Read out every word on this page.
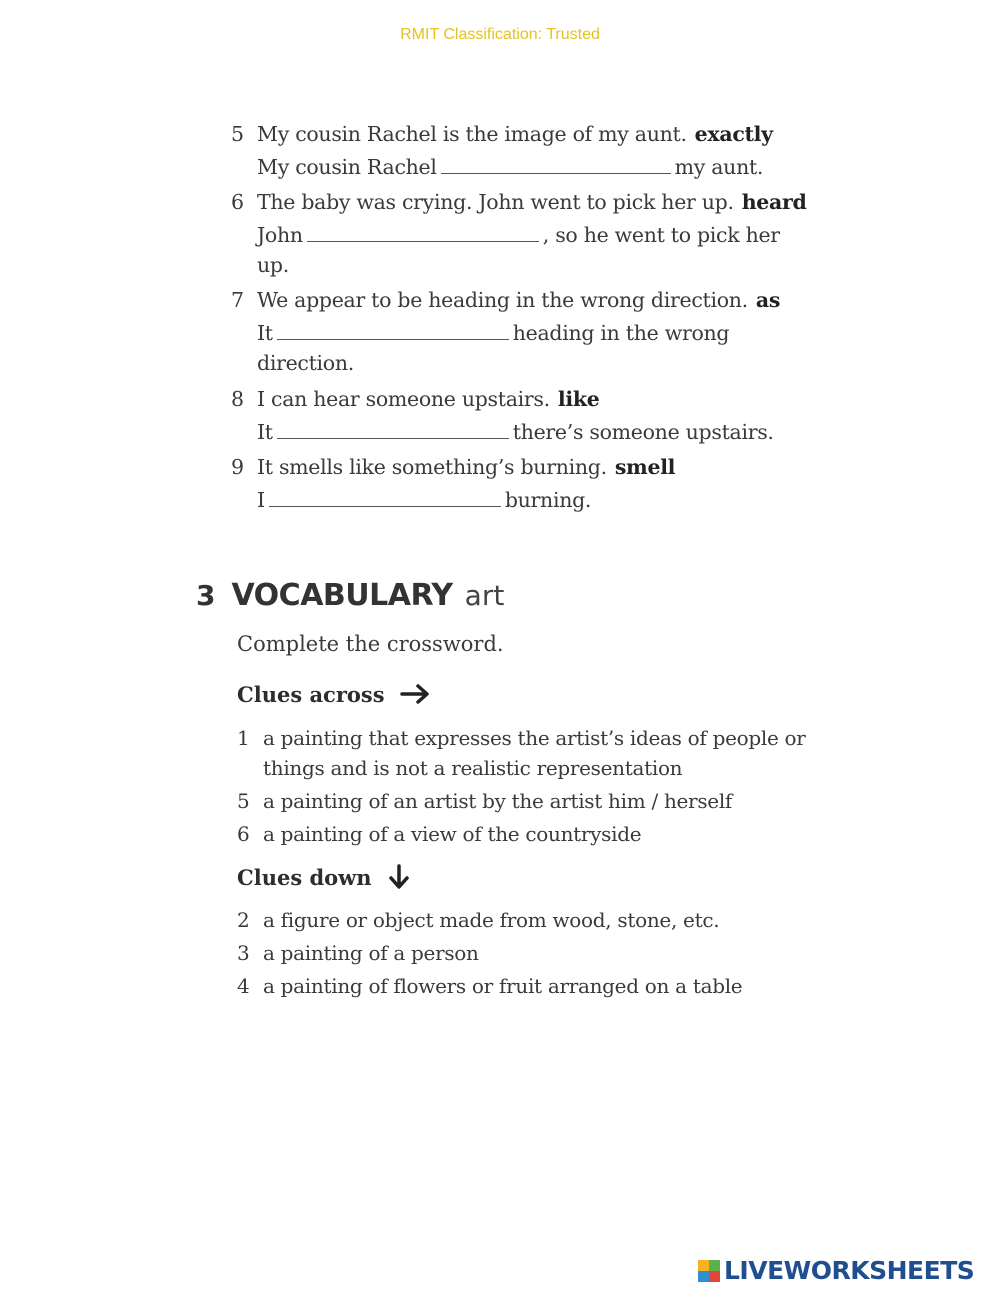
RMIT Classification: Trusted
5 My cousin Rachel is the image of my aunt. exactly
My cousin Rachel	my aunt.
6 The baby was crying. John went to pick her up. heard
John	, so he went to pick her
up.
7 We appear to be heading in the wrong direction. as
It	heading in the wrong
direction.
8 I can hear someone upstairs. like
It	there’s someone upstairs.
9 It smells like something’s burning. smell
I	burning.
3 VOCABULARY art
Complete the crossword.
Clues across
1 a painting that expresses the artist’s ideas of people or things and is not a realistic representation
5 a painting of an artist by the artist him / herself
6 a painting of a view of the countryside
Clues down
2 a figure or object made from wood, stone, etc.
3 a painting of a person
4 a painting of flowers or fruit arranged on a table
LIVEWORKSHEETS
